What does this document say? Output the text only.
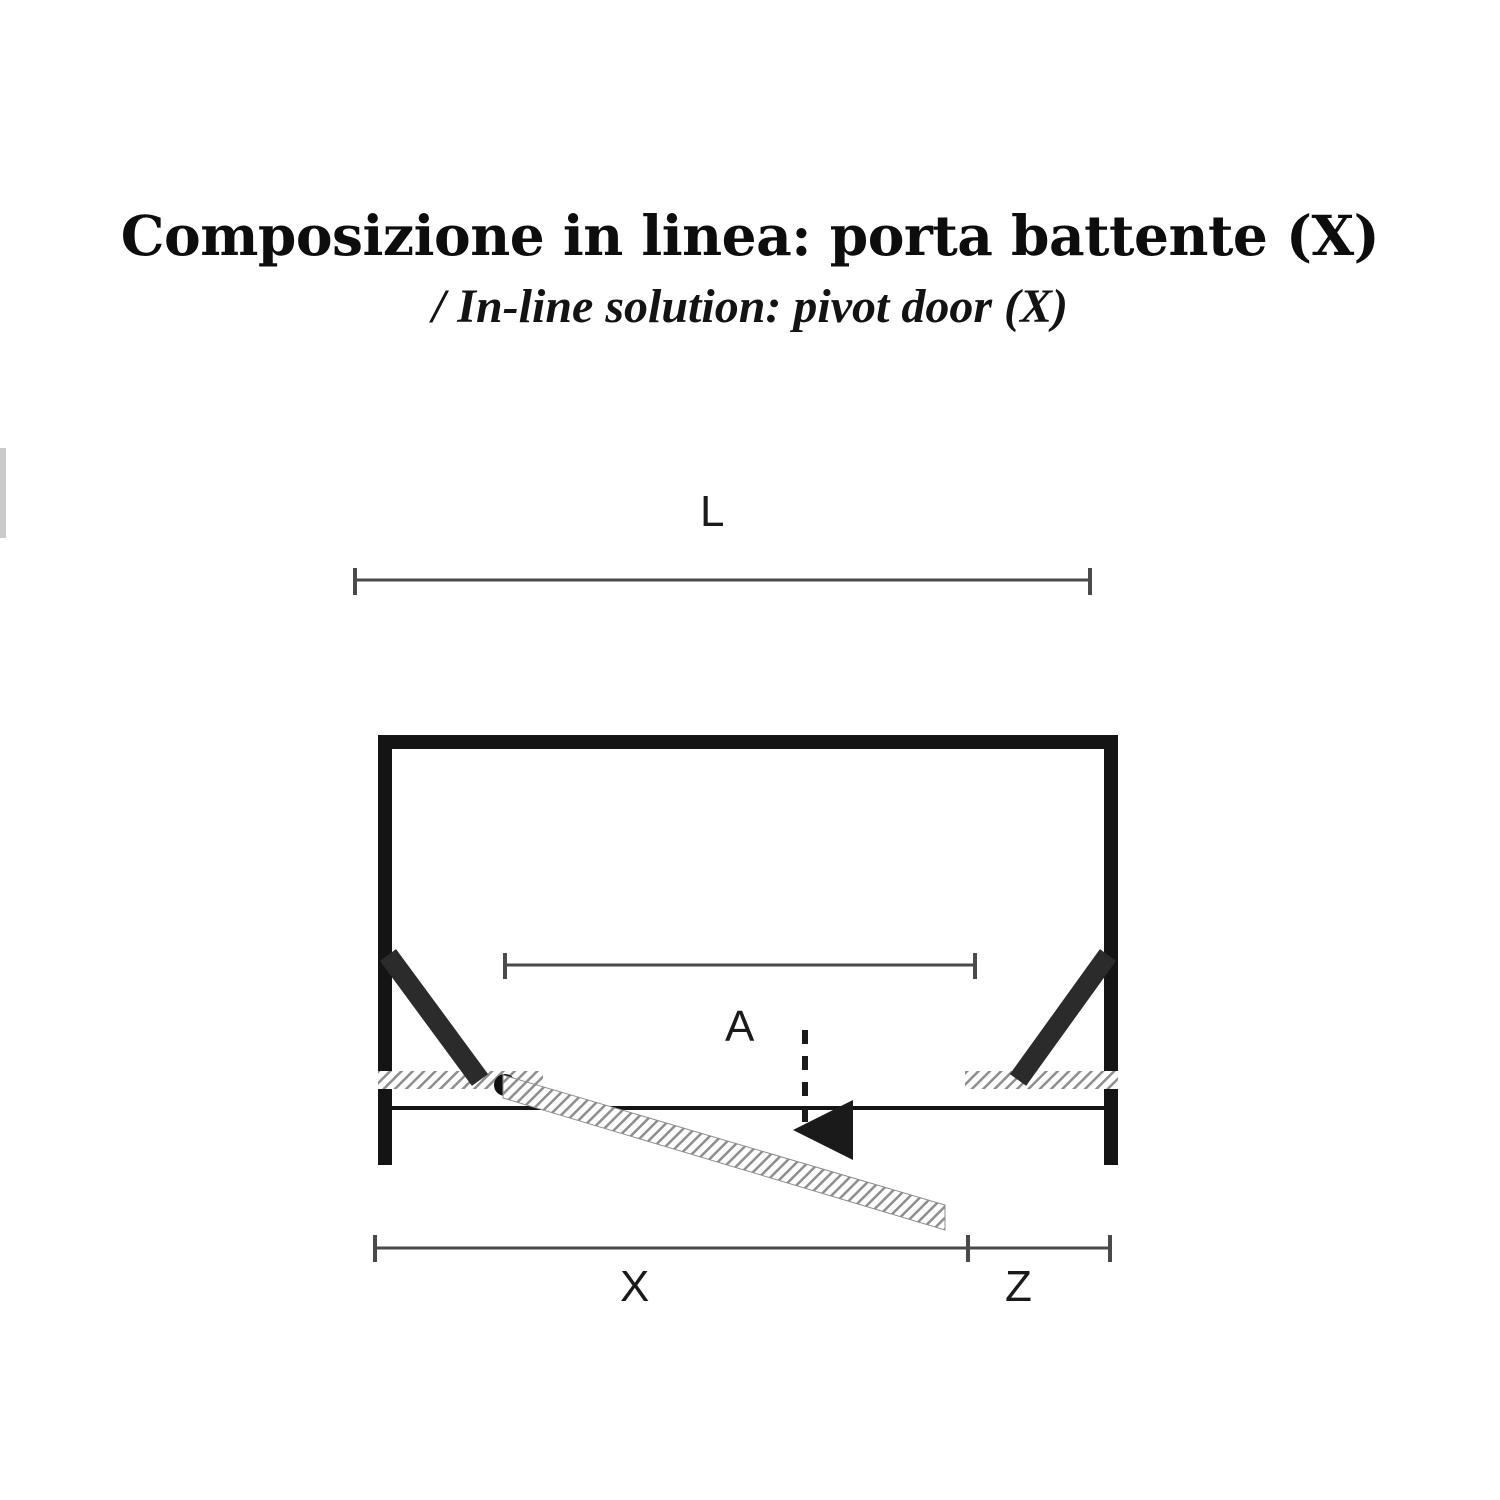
Composizione in linea: porta battente (X)
/ In-line solution: pivot door (X)
L
A
X	Z
